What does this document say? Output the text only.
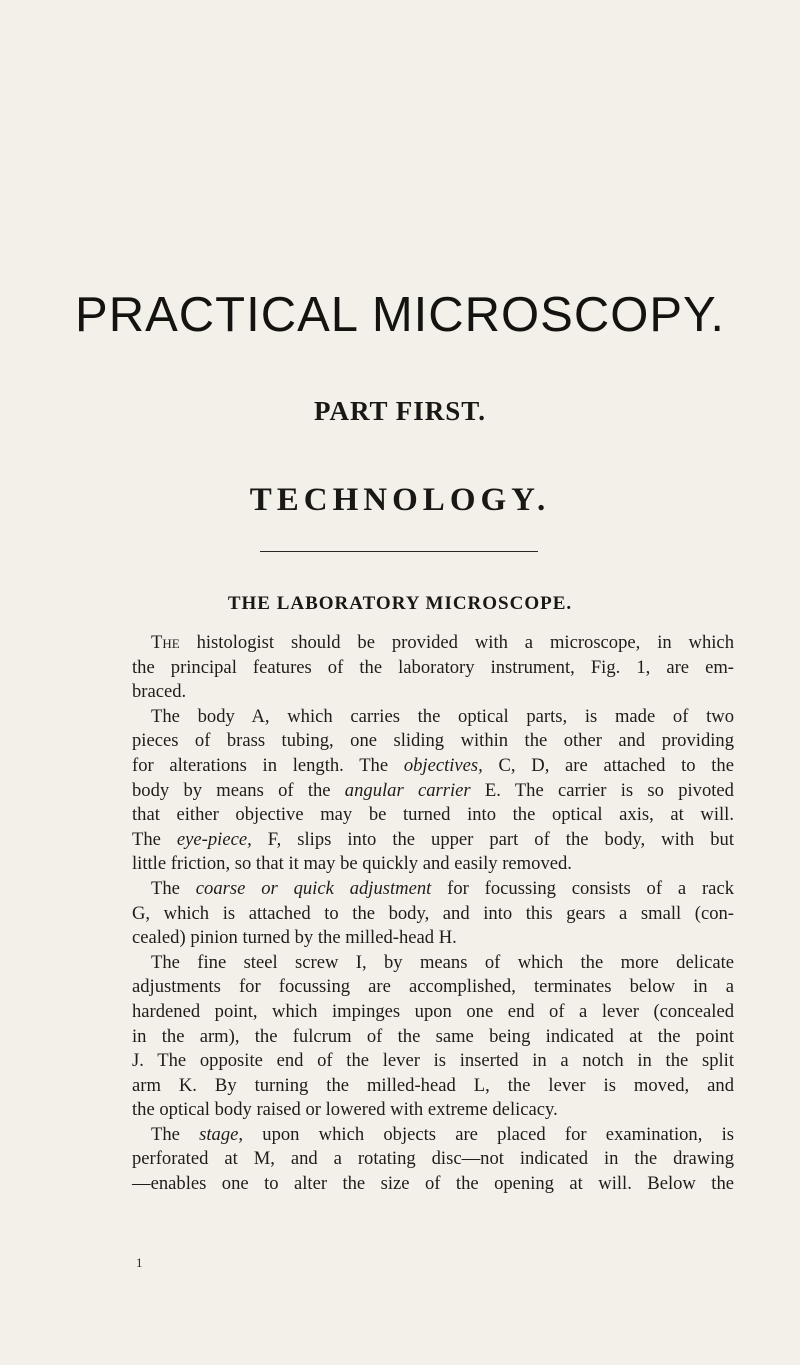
PRACTICAL MICROSCOPY.
PART FIRST.
TECHNOLOGY.
THE LABORATORY MICROSCOPE.
The histologist should be provided with a microscope, in which
the principal features of the laboratory instrument, Fig. 1, are em-
braced.
The body A, which carries the optical parts, is made of two
pieces of brass tubing, one sliding within the other and providing
for alterations in length. The objectives, C, D, are attached to the
body by means of the angular carrier E. The carrier is so pivoted
that either objective may be turned into the optical axis, at will.
The eye-piece, F, slips into the upper part of the body, with but
little friction, so that it may be quickly and easily removed.
The coarse or quick adjustment for focussing consists of a rack
G, which is attached to the body, and into this gears a small (con-
cealed) pinion turned by the milled-head H.
The fine steel screw I, by means of which the more delicate
adjustments for focussing are accomplished, terminates below in a
hardened point, which impinges upon one end of a lever (concealed
in the arm), the fulcrum of the same being indicated at the point
J. The opposite end of the lever is inserted in a notch in the split
arm K. By turning the milled-head L, the lever is moved, and
the optical body raised or lowered with extreme delicacy.
The stage, upon which objects are placed for examination, is
perforated at M, and a rotating disc—not indicated in the drawing
—enables one to alter the size of the opening at will. Below the
1
